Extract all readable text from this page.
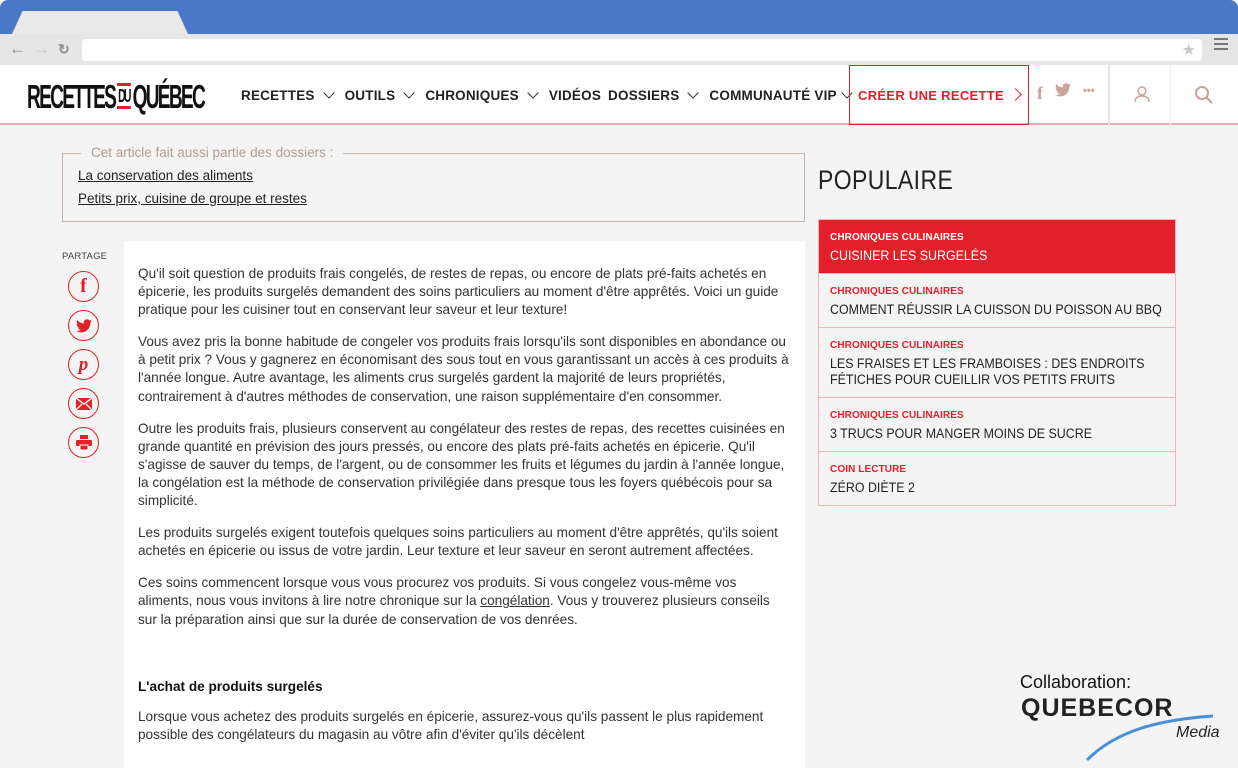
← → ↻	★
RECETTES DUQUÉBEC	RECETTES OUTILS CHRONIQUES VIDÉOS DOSSIERS COMMUNAUTÉ VIP CRÉER UNE RECETTE f	•••
Cet article fait aussi partie des dossiers :
La conservation des aliments
Petits prix, cuisine de groupe et restes
PARTAGE
f
p

Qu'il soit question de produits frais congelés, de restes de repas, ou encore de plats pré-faits achetés en épicerie, les produits surgelés demandent des soins particuliers au moment d'être apprêtés. Voici un guide pratique pour les cuisiner tout en conservant leur saveur et leur texture!

Vous avez pris la bonne habitude de congeler vos produits frais lorsqu'ils sont disponibles en abondance ou à petit prix ? Vous y gagnerez en économisant des sous tout en vous garantissant un accès à ces produits à l'année longue. Autre avantage, les aliments crus surgelés gardent la majorité de leurs propriétés, contrairement à d'autres méthodes de conservation, une raison supplémentaire d'en consommer.

Outre les produits frais, plusieurs conservent au congélateur des restes de repas, des recettes cuisinées en grande quantité en prévision des jours pressés, ou encore des plats pré-faits achetés en épicerie. Qu'il s'agisse de sauver du temps, de l'argent, ou de consommer les fruits et légumes du jardin à l'année longue, la congélation est la méthode de conservation privilégiée dans presque tous les foyers québécois pour sa simplicité.

Les produits surgelés exigent toutefois quelques soins particuliers au moment d'être apprêtés, qu'ils soient achetés en épicerie ou issus de votre jardin. Leur texture et leur saveur en seront autrement affectées.

Ces soins commencent lorsque vous vous procurez vos produits. Si vous congelez vous-même vos aliments, nous vous invitons à lire notre chronique sur la congélation. Vous y trouverez plusieurs conseils sur la préparation ainsi que sur la durée de conservation de vos denrées.

L'achat de produits surgelés

Lorsque vous achetez des produits surgelés en épicerie, assurez-vous qu'ils passent le plus rapidement possible des congélateurs du magasin au vôtre afin d'éviter qu'ils décèlent

POPULAIRE
CHRONIQUES CULINAIRES
CUISINER LES SURGELÉS
CHRONIQUES CULINAIRES
COMMENT RÉUSSIR LA CUISSON DU POISSON AU BBQ
CHRONIQUES CULINAIRES
LES FRAISES ET LES FRAMBOISES : DES ENDROITS
FÉTICHES POUR CUEILLIR VOS PETITS FRUITS
CHRONIQUES CULINAIRES
3 TRUCS POUR MANGER MOINS DE SUCRE
COIN LECTURE
ZÉRO DIÈTE 2
Collaboration:
QUEBECOR
Media
